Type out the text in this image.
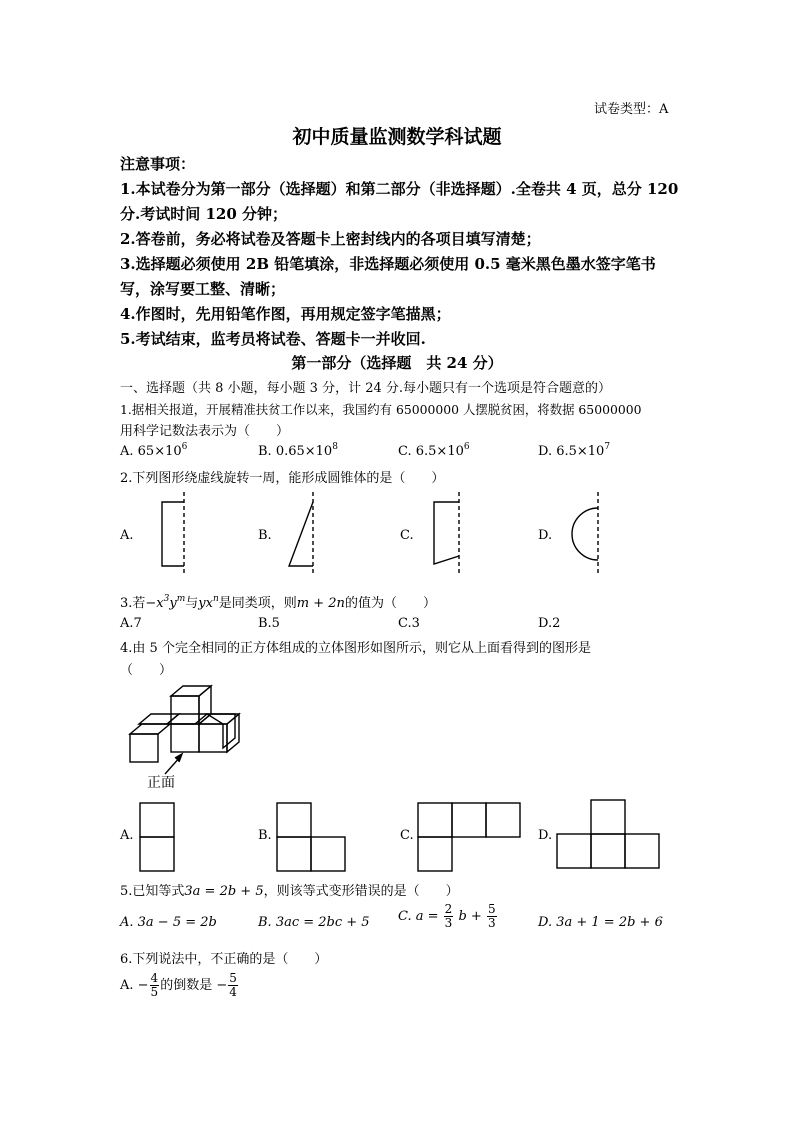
试卷类型：A
初中质量监测数学科试题
注意事项：
1.本试卷分为第一部分（选择题）和第二部分（非选择题）.全卷共 4 页，总分 120
分.考试时间 120 分钟；
2.答卷前，务必将试卷及答题卡上密封线内的各项目填写清楚；
3.选择题必须使用 2B 铅笔填涂，非选择题必须使用 0.5 毫米黑色墨水签字笔书
写，涂写要工整、清晰；
4.作图时，先用铅笔作图，再用规定签字笔描黑；
5.考试结束，监考员将试卷、答题卡一并收回.
第一部分（选择题　共 24 分）
一、选择题（共 8 小题，每小题 3 分，计 24 分.每小题只有一个选项是符合题意的）
1.据相关报道，开展精准扶贫工作以来，我国约有 65000000 人摆脱贫困，将数据 65000000
用科学记数法表示为（　　）
A. $65\times 10^6$	B. $0.65\times 10^8$	C. $6.5\times 10^6$	D. $6.5\times 10^7$
2.下列图形绕虚线旋转一周，能形成圆锥体的是（　　）
A.	B.	C.	D.
3.若$-x^3y^m$与$yx^n$是同类项，则m + 2n的值为（　　）
A.7	B.5	C.3	D.2
4.由 5 个完全相同的正方体组成的立体图形如图所示，则它从上面看得到的图形是
（　　）
正面
A.	B.	C.	D.
5.已知等式3a = 2b + 5，则该等式变形错误的是（　　）
A. 3a − 5 = 2b	B. 3ac = 2bc + 5 C. $a = \frac{2}{3}$ $b + \frac{5}{3}$	D. 3a + 1 = 2b + 6
6.下列说法中，不正确的是（　　）
A. − $\frac{4}{5}$ 的倒数是 − $\frac{5}{4}$
